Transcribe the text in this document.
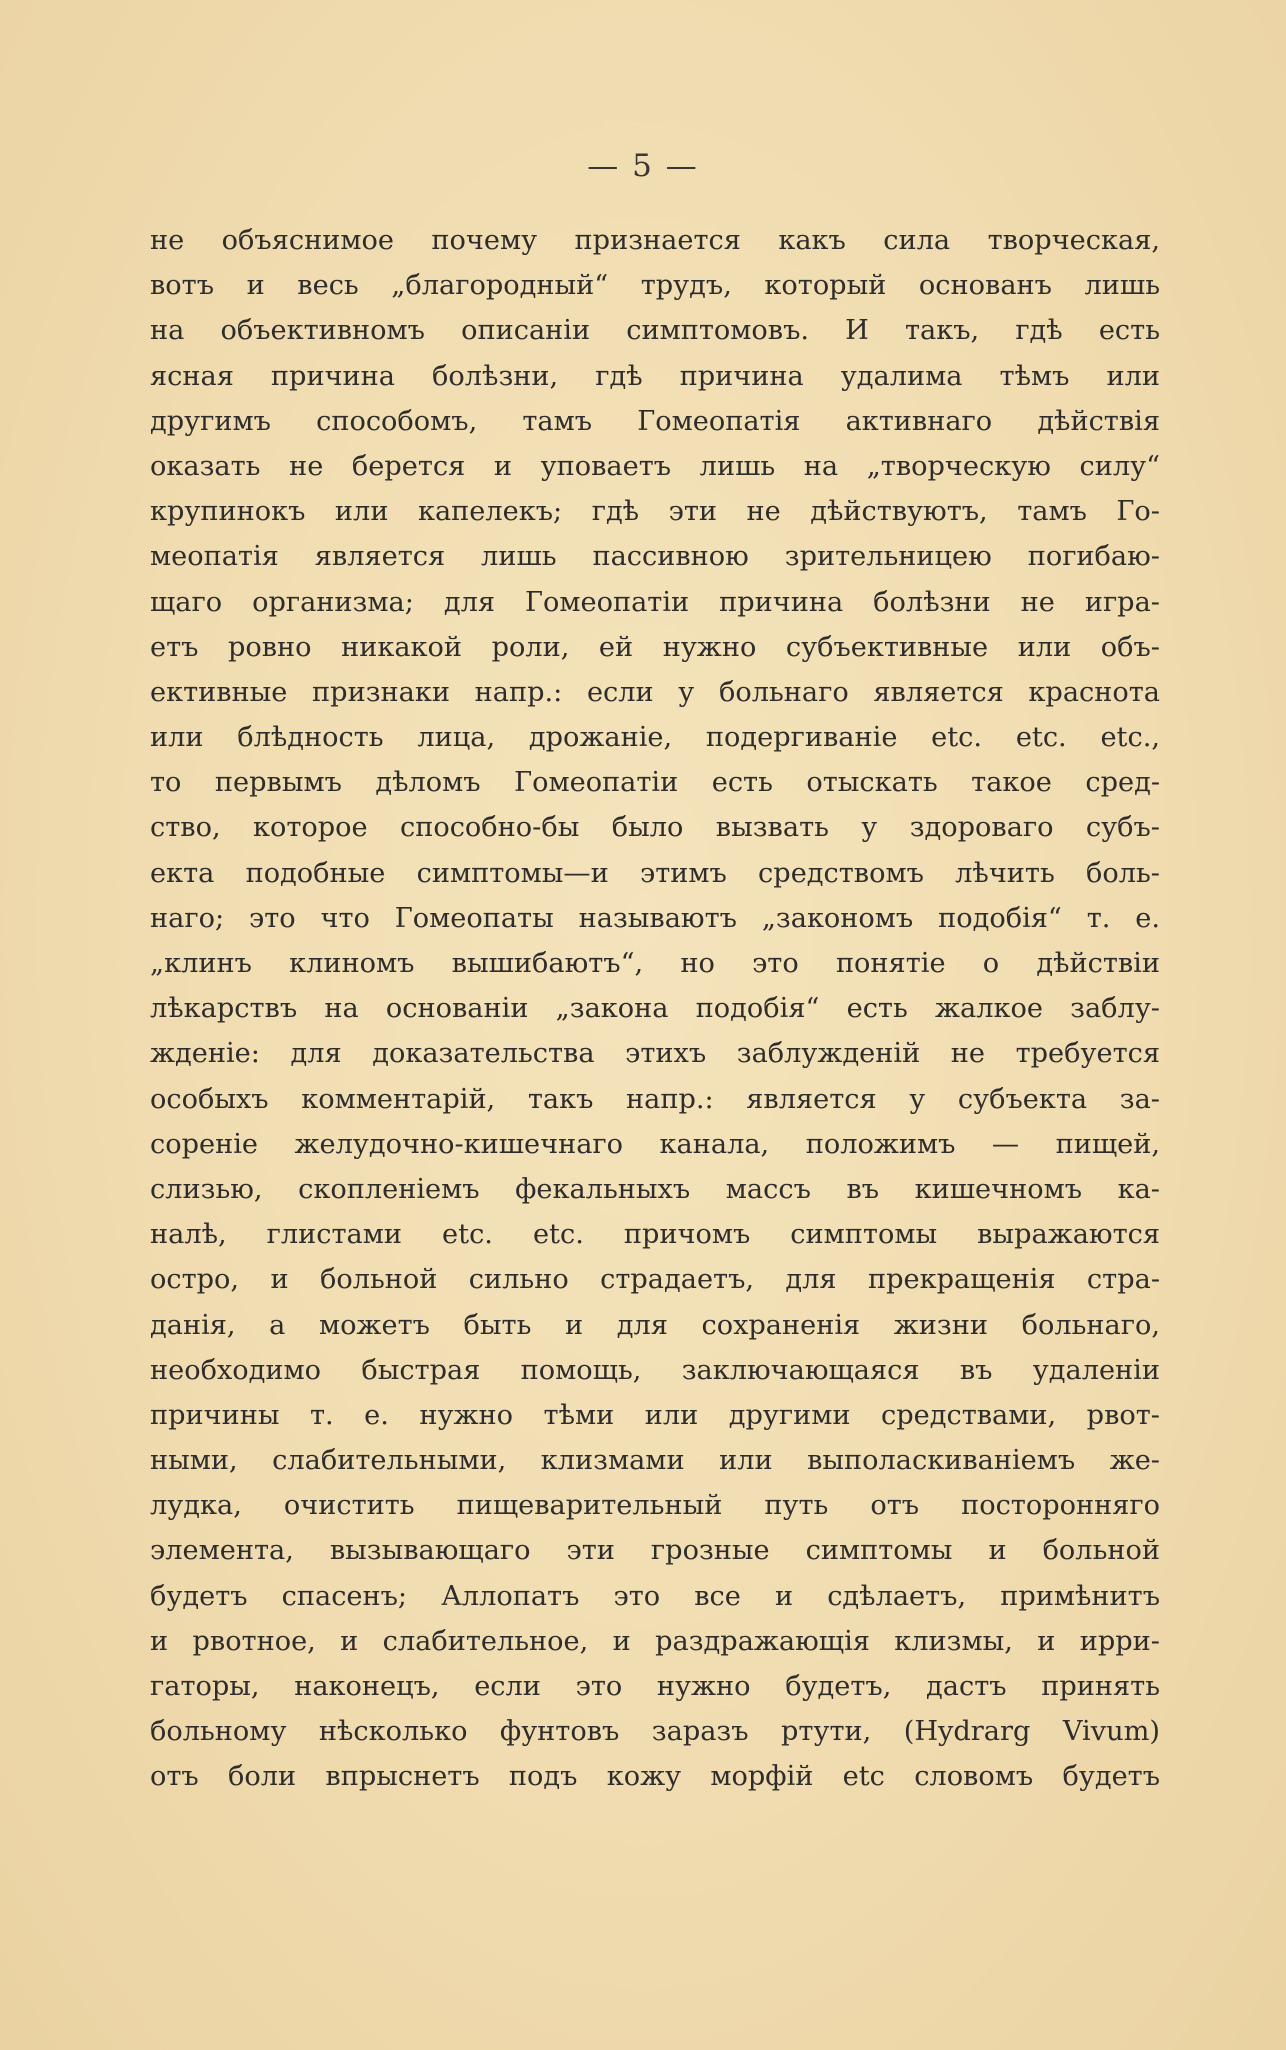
— 5 —
не объяснимое почему признается какъ сила творческая,
вотъ и весь „благородный“ трудъ, который основанъ лишь
на объективномъ описанiи симптомовъ. И такъ, гдѣ есть
ясная причина болѣзни, гдѣ причина удалима тѣмъ или
другимъ способомъ, тамъ Гомеопатiя активнаго дѣйствiя
оказать не берется и уповаетъ лишь на „творческую силу“
крупинокъ или капелекъ; гдѣ эти не дѣйствуютъ, тамъ Го-
меопатiя является лишь пассивною зрительницею погибаю-
щаго организма; для Гомеопатiи причина болѣзни не игра-
етъ ровно никакой роли, ей нужно субъективные или объ-
ективные признаки напр.: если у больнаго является краснота
или блѣдность лица, дрожанiе, подергиванiе etc. etc. etc.,
то первымъ дѣломъ Гомеопатiи есть отыскать такое сред-
ство, которое способно-бы было вызвать у здороваго субъ-
екта подобные симптомы—и этимъ средствомъ лѣчить боль-
наго; это что Гомеопаты называютъ „закономъ подобiя“ т. е.
„клинъ клиномъ вышибаютъ“, но это понятiе о дѣйствiи
лѣкарствъ на основанiи „закона подобiя“ есть жалкое заблу-
жденiе: для доказательства этихъ заблужденiй не требуется
особыхъ комментарiй, такъ напр.: является у субъекта за-
соренiе желудочно-кишечнаго канала, положимъ — пищей,
слизью, скопленiемъ фекальныхъ массъ въ кишечномъ ка-
налѣ, глистами etc. etc. причомъ симптомы выражаются
остро, и больной сильно страдаетъ, для прекращенiя стра-
данiя, а можетъ быть и для сохраненiя жизни больнаго,
необходимо быстрая помощь, заключающаяся въ удаленiи
причины т. е. нужно тѣми или другими средствами, рвот-
ными, слабительными, клизмами или выполаскиванiемъ же-
лудка, очистить пищеварительный путь отъ посторонняго
элемента, вызывающаго эти грозные симптомы и больной
будетъ спасенъ; Аллопатъ это все и сдѣлаетъ, примѣнитъ
и рвотное, и слабительное, и раздражающiя клизмы, и ирри-
гаторы, наконецъ, если это нужно будетъ, дастъ принять
больному нѣсколько фунтовъ заразъ ртути, (Hydrarg Vivum)
отъ боли впрыснетъ подъ кожу морфiй etc словомъ будетъ
